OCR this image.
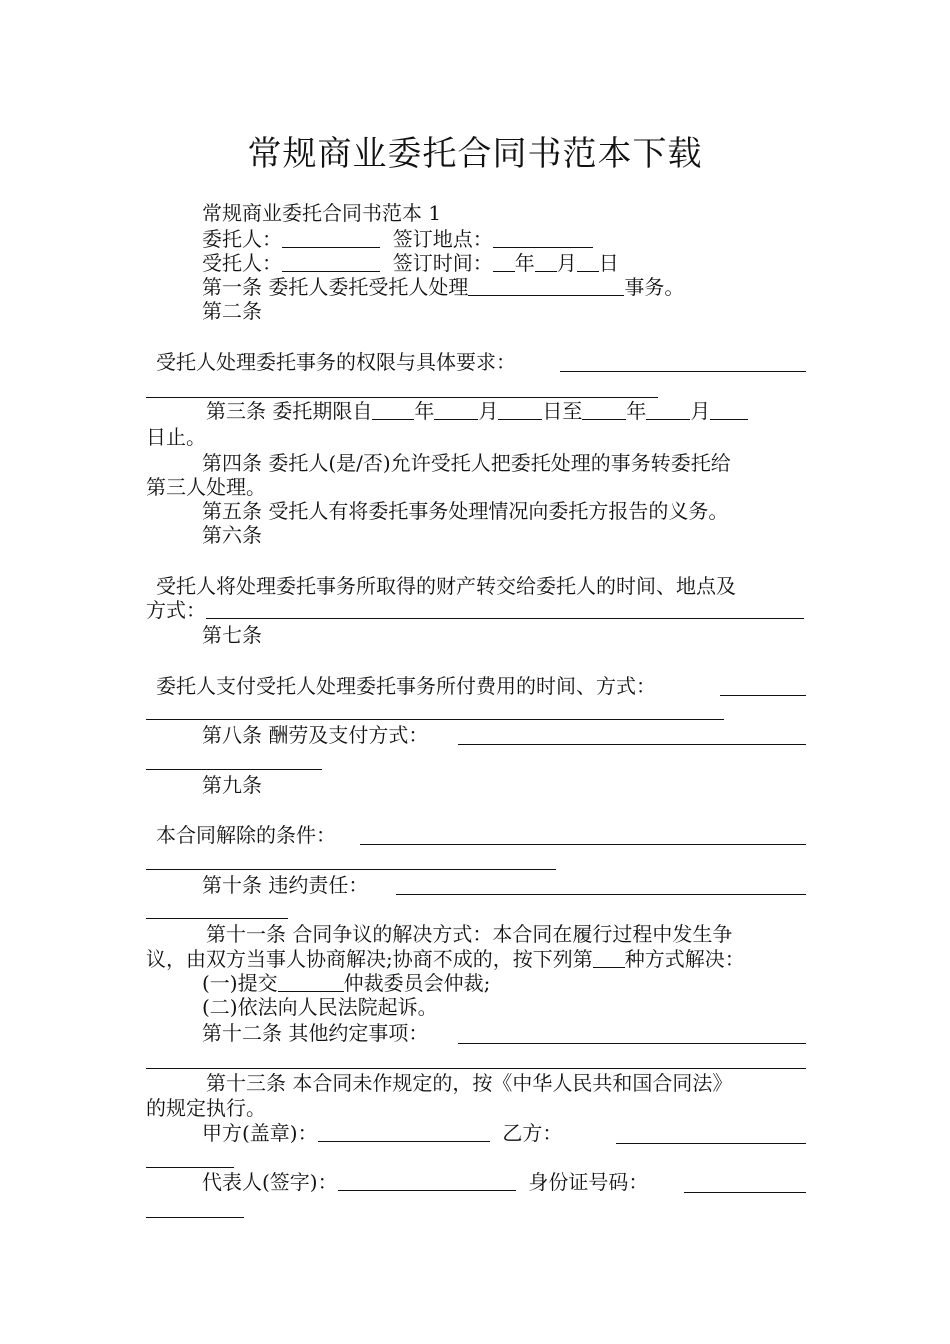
常规商业委托合同书范本下载
常规商业委托合同书范本 1
委托人：	签订地点：
受托人：	签订时间： 年 月 日
第一条 委托人委托受托人处理	事务。
第二条
受托人处理委托事务的权限与具体要求：
第三条 委托期限自 年 月 日至 年 月
日止。
第四条 委托人(是/否)允许受托人把委托处理的事务转委托给
第三人处理。
第五条 受托人有将委托事务处理情况向委托方报告的义务。
第六条
受托人将处理委托事务所取得的财产转交给委托人的时间、地点及
方式：
第七条
委托人支付受托人处理委托事务所付费用的时间、方式：
第八条 酬劳及支付方式：
第九条
本合同解除的条件：
第十条 违约责任：
第十一条 合同争议的解决方式：本合同在履行过程中发生争
议，由双方当事人协商解决;协商不成的，按下列第 种方式解决：
(一)提交	仲裁委员会仲裁;
(二)依法向人民法院起诉。
第十二条 其他约定事项：
第十三条 本合同未作规定的，按《中华人民共和国合同法》
的规定执行。
甲方(盖章)：	乙方：
代表人(签字)：	身份证号码：
